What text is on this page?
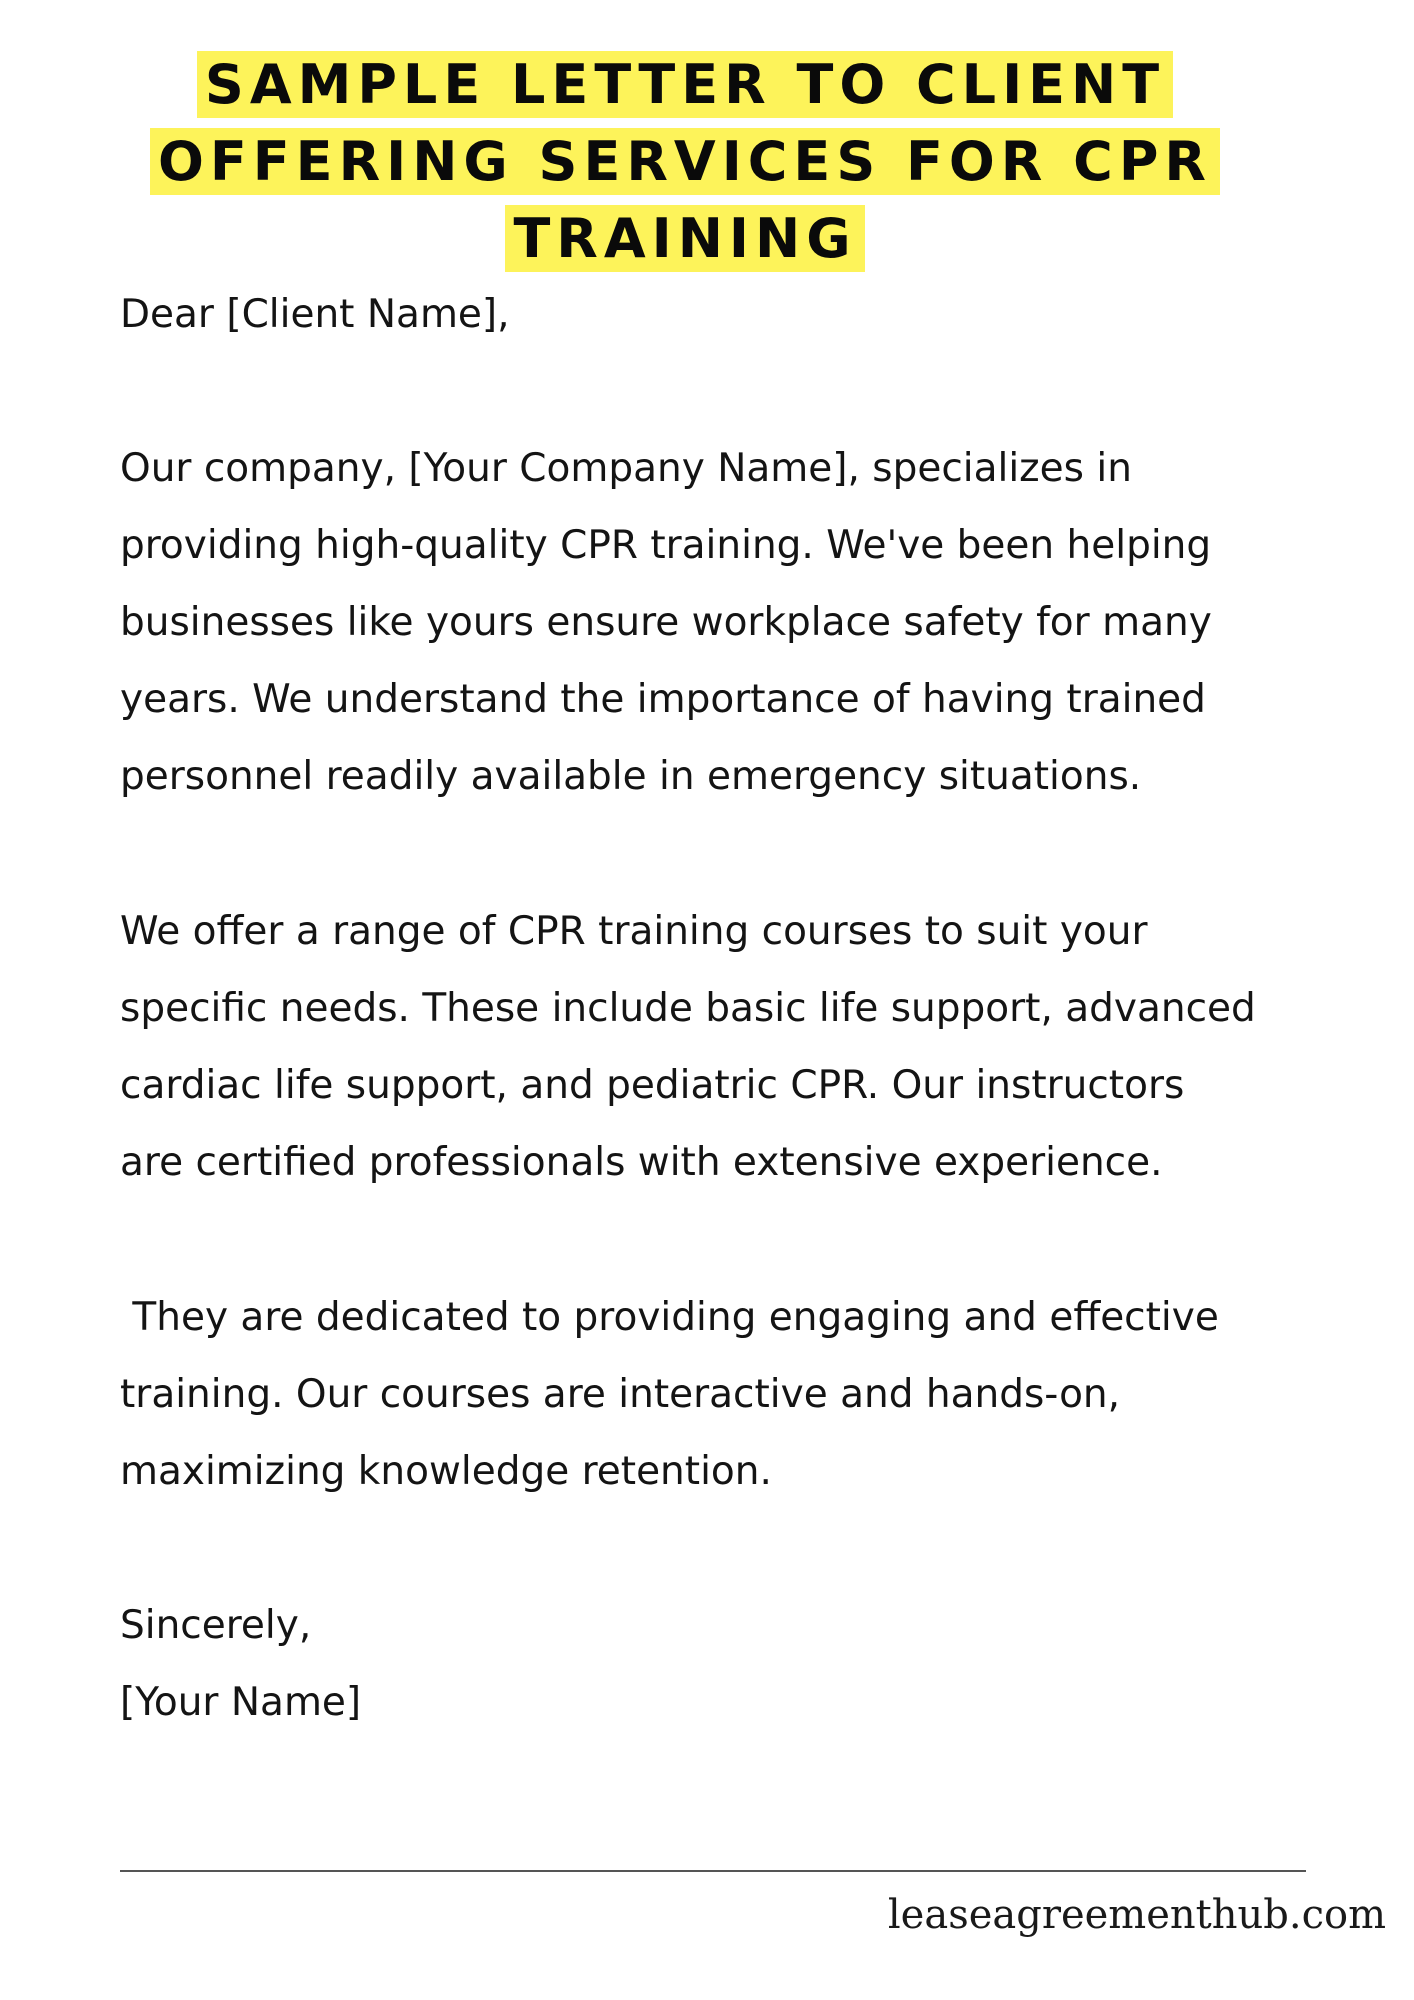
SAMPLE LETTER TO CLIENT
OFFERING SERVICES FOR CPR
TRAINING

Dear [Client Name],

Our company, [Your Company Name], specializes in
providing high-quality CPR training. We've been helping
businesses like yours ensure workplace safety for many
years. We understand the importance of having trained
personnel readily available in emergency situations.

We offer a range of CPR training courses to suit your
specific needs. These include basic life support, advanced
cardiac life support, and pediatric CPR. Our instructors
are certified professionals with extensive experience.

They are dedicated to providing engaging and effective
training. Our courses are interactive and hands-on,
maximizing knowledge retention.

Sincerely,

[Your Name]

leaseagreementhub.com
